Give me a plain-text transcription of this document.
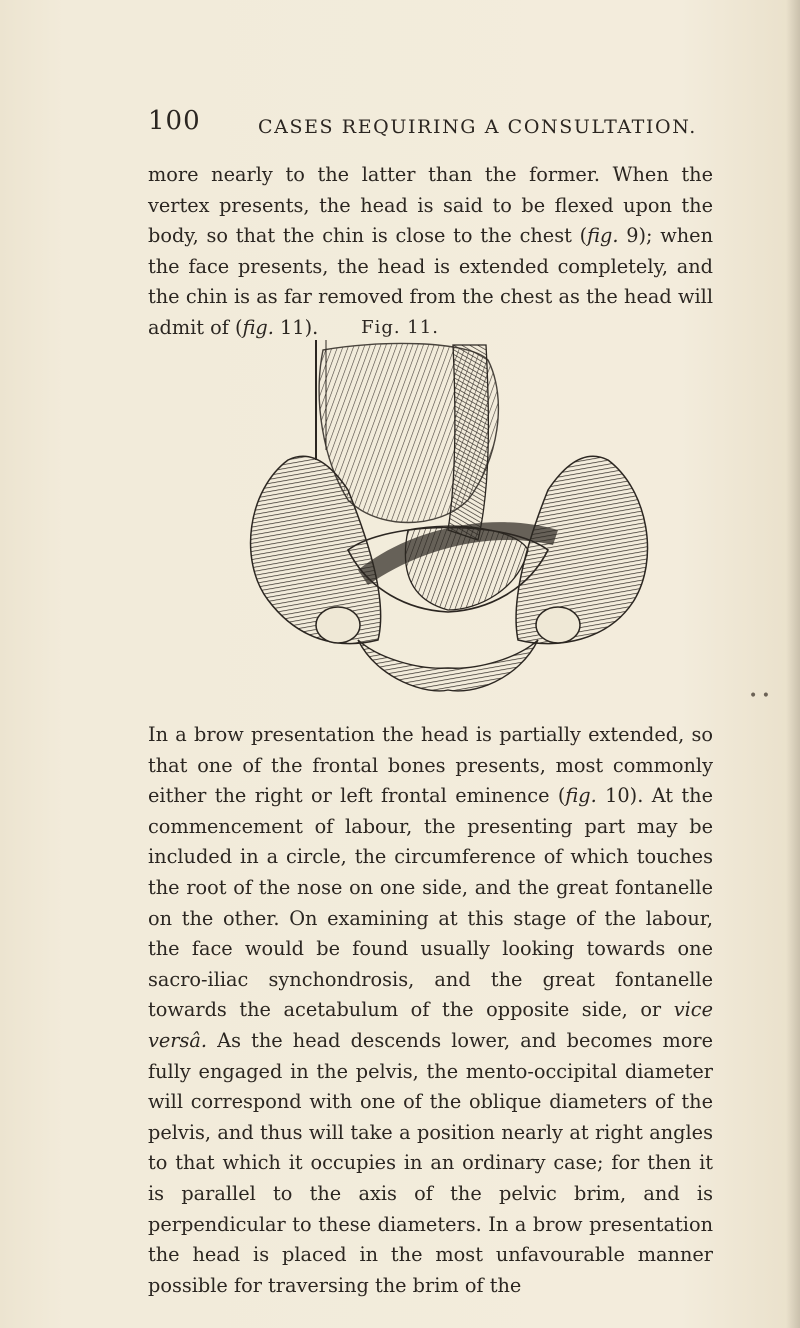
100	CASES REQUIRING A CONSULTATION.

more nearly to the latter than the former. When the vertex presents, the head is said to be flexed upon the body, so that the chin is close to the chest (fig. 9); when the face presents, the head is extended completely, and the chin is as far removed from the chest as the head will admit of (fig. 11).	Fig. 11.

In a brow presentation the head is partially extended, so that one of the frontal bones presents, most commonly either the right or left frontal eminence (fig. 10). At the commencement of labour, the presenting part may be included in a circle, the circumference of which touches the root of the nose on one side, and the great fontanelle on the other. On examining at this stage of the labour, the face would be found usually looking towards one sacro-iliac synchondrosis, and the great fontanelle towards the acetabulum of the opposite side, or vice versâ. As the head descends lower, and becomes more fully engaged in the pelvis, the mento-occipital diameter will correspond with one of the oblique diameters of the pelvis, and thus will take a position nearly at right angles to that which it occupies in an ordinary case; for then it is parallel to the axis of the pelvic brim, and is perpendicular to these diameters. In a brow presentation the head is placed in the most unfavourable manner possible for traversing the brim of the

• •
